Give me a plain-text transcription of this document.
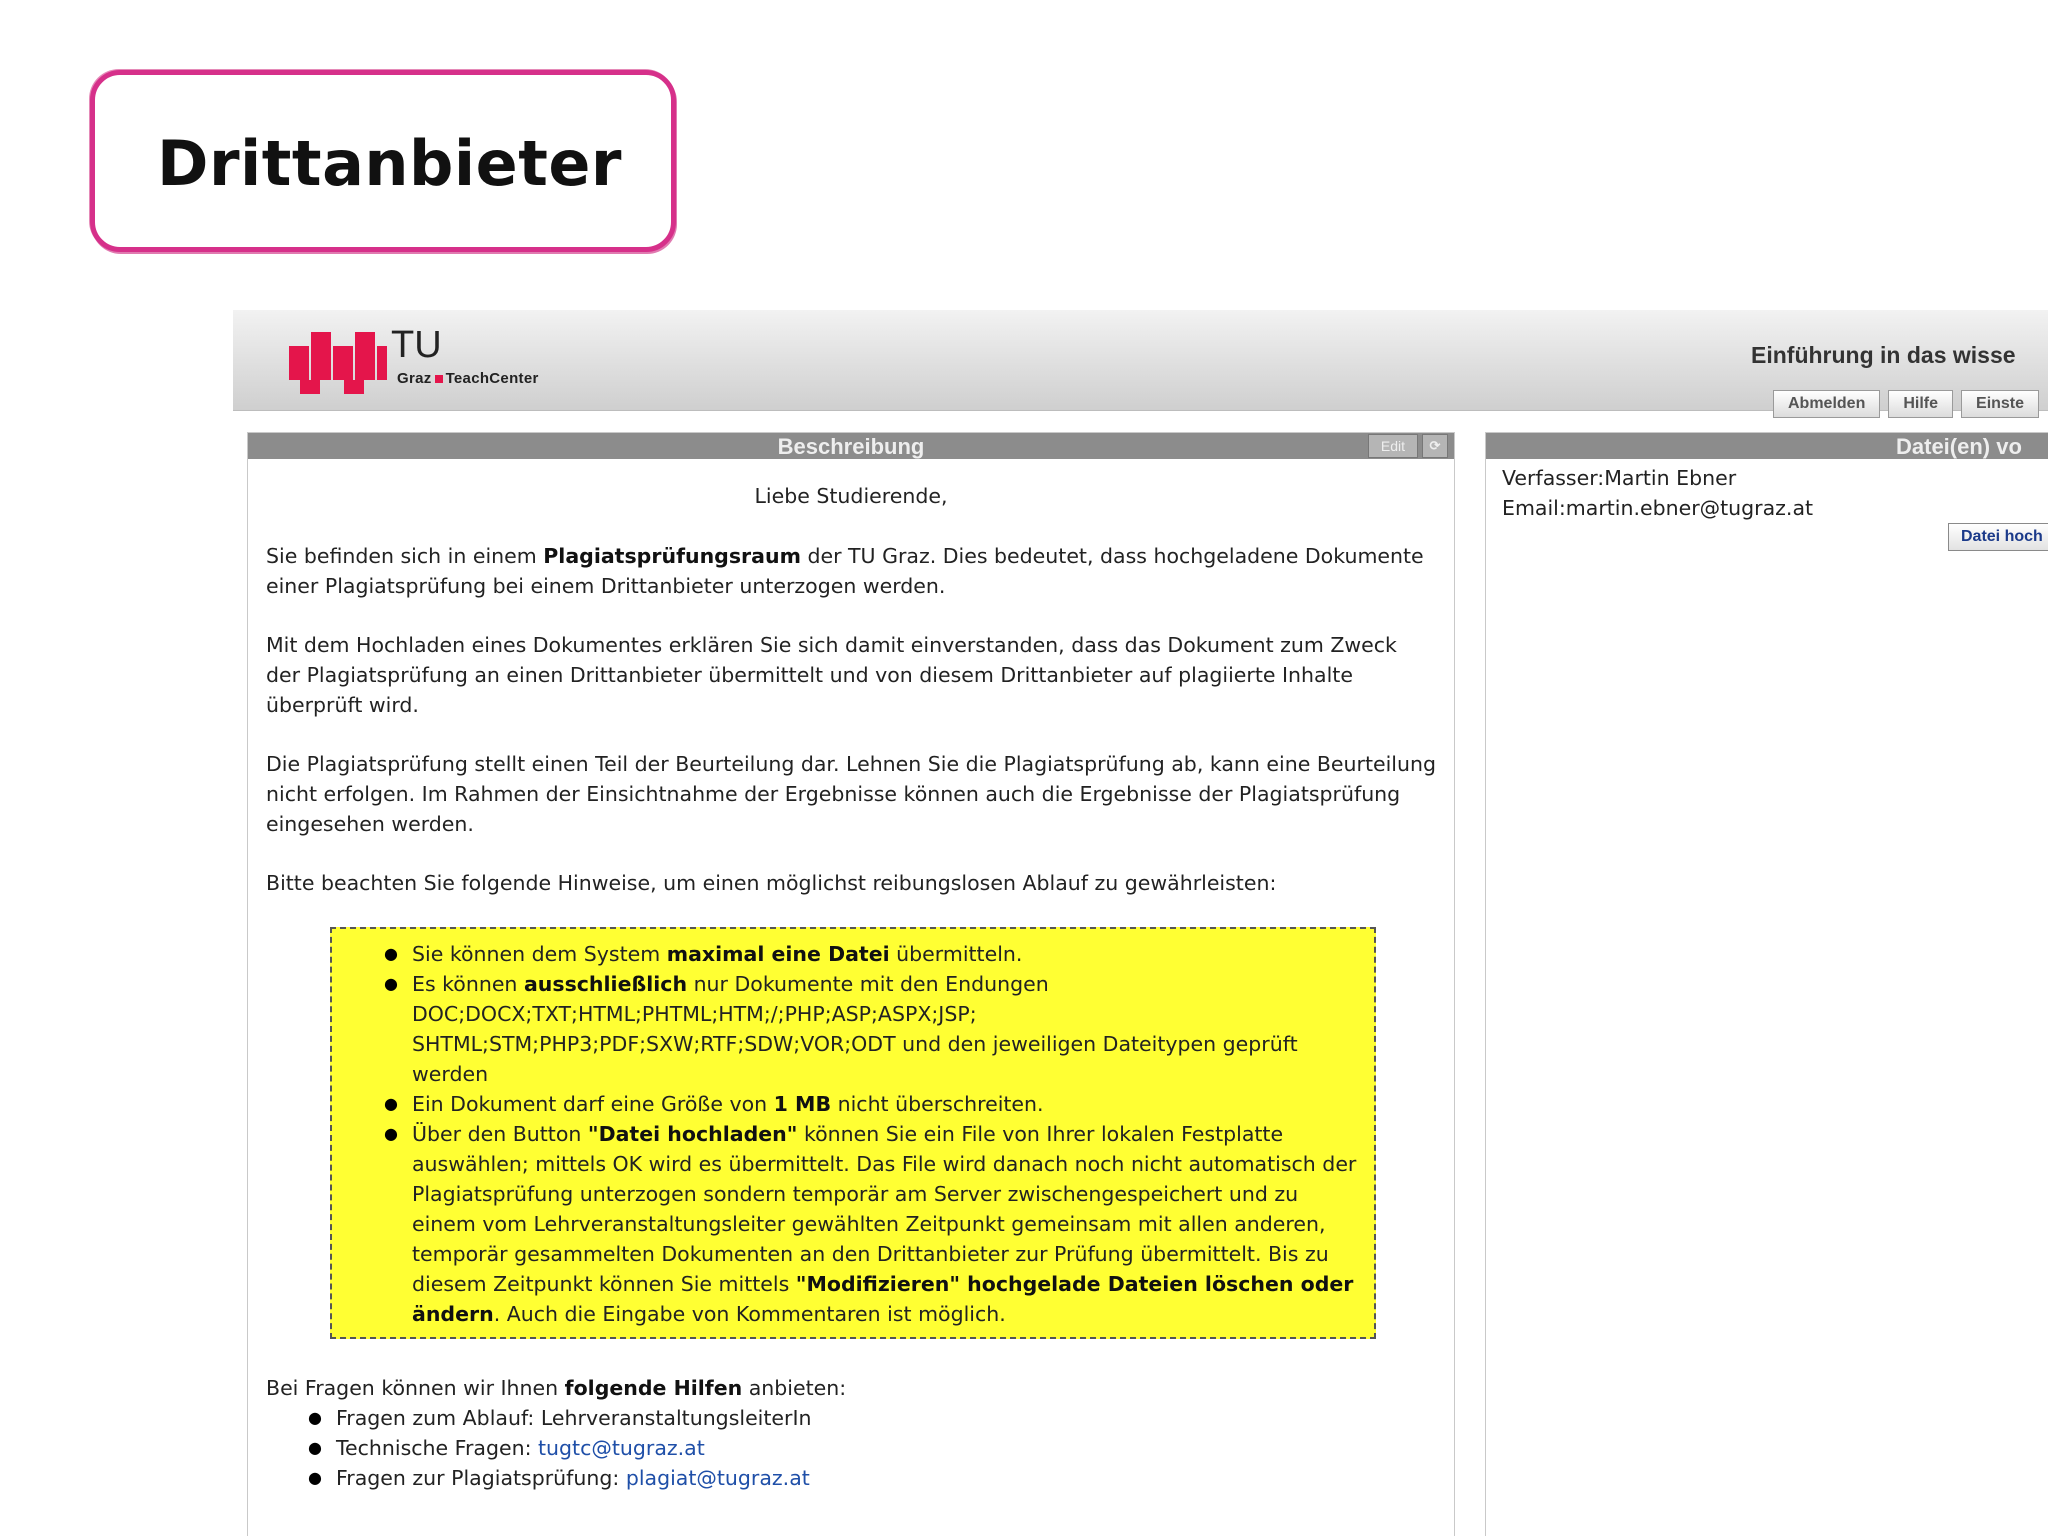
Drittanbieter
TU
Graz TeachCenter
Einführung in das wisse
Abmelden	Hilfe	Einste
Beschreibung	Edit	⟳
Liebe Studierende,

Sie befinden sich in einem Plagiatsprüfungsraum der TU Graz. Dies bedeutet, dass hochgeladene Dokumente einer Plagiatsprüfung bei einem Drittanbieter unterzogen werden.

Mit dem Hochladen eines Dokumentes erklären Sie sich damit einverstanden, dass das Dokument zum Zweck der Plagiatsprüfung an einen Drittanbieter übermittelt und von diesem Drittanbieter auf plagiierte Inhalte überprüft wird.

Die Plagiatsprüfung stellt einen Teil der Beurteilung dar. Lehnen Sie die Plagiatsprüfung ab, kann eine Beurteilung nicht erfolgen. Im Rahmen der Einsichtnahme der Ergebnisse können auch die Ergebnisse der Plagiatsprüfung eingesehen werden.

Bitte beachten Sie folgende Hinweise, um einen möglichst reibungslosen Ablauf zu gewährleisten:

● Sie können dem System maximal eine Datei übermitteln.
● Es können ausschließlich nur Dokumente mit den Endungen DOC;DOCX;TXT;HTML;PHTML;HTM;/;PHP;ASP;ASPX;JSP; SHTML;STM;PHP3;PDF;SXW;RTF;SDW;VOR;ODT und den jeweiligen Dateitypen geprüft werden
● Ein Dokument darf eine Größe von 1 MB nicht überschreiten.
● Über den Button "Datei hochladen" können Sie ein File von Ihrer lokalen Festplatte auswählen; mittels OK wird es übermittelt. Das File wird danach noch nicht automatisch der Plagiatsprüfung unterzogen sondern temporär am Server zwischengespeichert und zu einem vom Lehrveranstaltungsleiter gewählten Zeitpunkt gemeinsam mit allen anderen, temporär gesammelten Dokumenten an den Drittanbieter zur Prüfung übermittelt. Bis zu diesem Zeitpunkt können Sie mittels "Modifizieren" hochgelade Dateien löschen oder ändern. Auch die Eingabe von Kommentaren ist möglich.

Bei Fragen können wir Ihnen folgende Hilfen anbieten:

● Fragen zum Ablauf: LehrveranstaltungsleiterIn
● Technische Fragen: tugtc@tugraz.at
● Fragen zur Plagiatsprüfung: plagiat@tugraz.at
Datei(en) vo
Verfasser:Martin Ebner
Email:martin.ebner@tugraz.at
Datei hoch
